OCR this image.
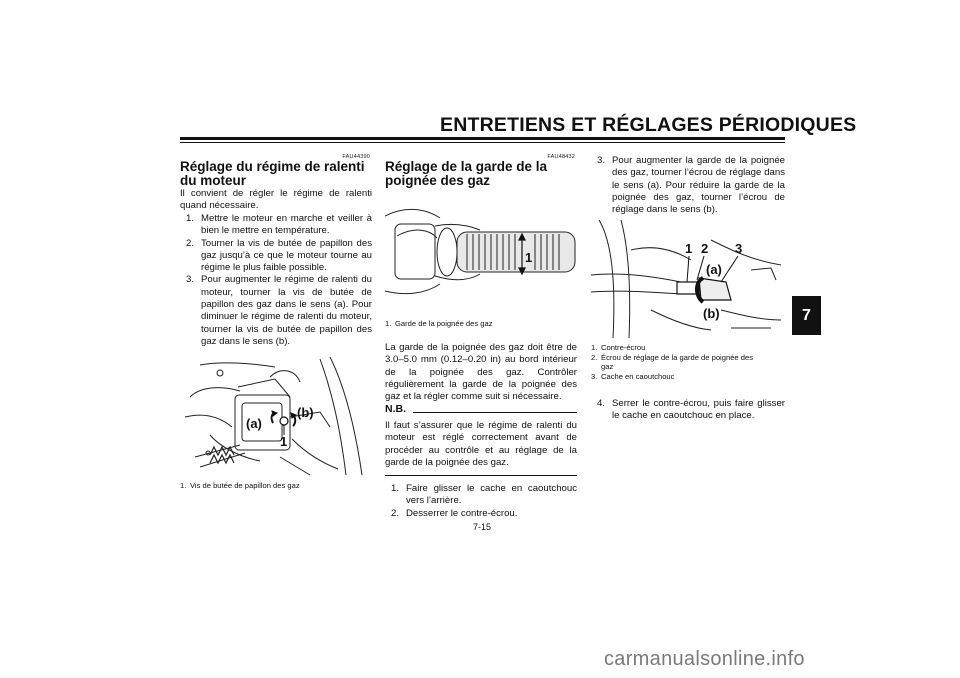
ENTRETIENS ET RÉGLAGES PÉRIODIQUES
FAU44390
Réglage du régime de ralenti du moteur
Il convient de régler le régime de ralenti quand nécessaire.
1. Mettre le moteur en marche et veiller à bien le mettre en température.
2. Tourner la vis de butée de papillon des gaz jusqu’à ce que le moteur tourne au régime le plus faible possible.
3. Pour augmenter le régime de ralenti du moteur, tourner la vis de butée de papillon des gaz dans le sens (a). Pour diminuer le régime de ralenti du moteur, tourner la vis de butée de papillon des gaz dans le sens (b).
(a)
(b)
1
1. Vis de butée de papillon des gaz
FAU48432
Réglage de la garde de la poignée des gaz
1
1. Garde de la poignée des gaz
La garde de la poignée des gaz doit être de 3.0–5.0 mm (0.12–0.20 in) au bord intérieur de la poignée des gaz. Contrôler régulièrement la garde de la poignée des gaz et la régler comme suit si nécessaire.
N.B.
Il faut s’assurer que le régime de ralenti du moteur est réglé correctement avant de procéder au contrôle et au réglage de la garde de la poignée des gaz.
1. Faire glisser le cache en caoutchouc vers l’arrière.
2. Desserrer le contre-écrou.
3. Pour augmenter la garde de la poignée des gaz, tourner l’écrou de réglage dans le sens (a). Pour réduire la garde de la poignée des gaz, tourner l’écrou de réglage dans le sens (b).
1 2 3
(a)
(b)
1. Contre-écrou
2. Écrou de réglage de la garde de poignée des gaz
3. Cache en caoutchouc
4. Serrer le contre-écrou, puis faire glisser le cache en caoutchouc en place.
7
7-15
carmanualsonline.info
